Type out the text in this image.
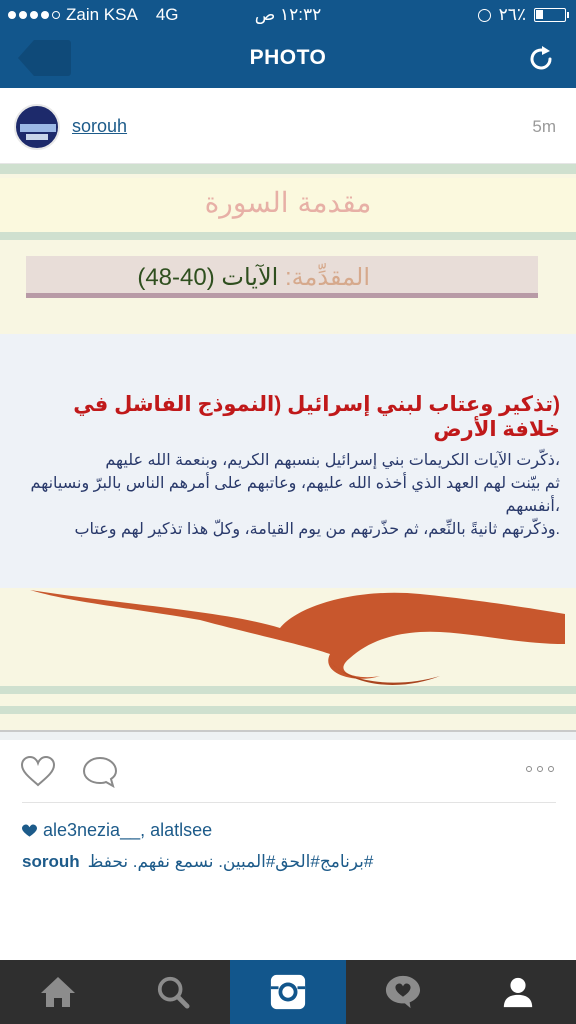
Zain KSA 4G	١٢:٣٢ ص	٢٦٪
PHOTO
sorouh	5m
مقدمة السورة
المقدِّمة: الآيات (40-48)
(تذكير وعتاب لبني إسرائيل (النموذج الفاشل في خلافة الأرض
،ذكّرت الآيات الكريمات بني إسرائيل بنسبهم الكريم، وبنعمة الله عليهم
ثم بيّنت لهم العهد الذي أخذه الله عليهم، وعاتبهم على أمرهم الناس بالبرّ ونسيانهم
،أنفسهم
.وذكّرتهم ثانيةً بالنِّعم، ثم حذّرتهم من يوم القيامة، وكلّ هذا تذكير لهم وعتاب
ale3nezia__, alatlsee
sorouh #برنامج#الحق#المبين. نسمع نفهم. نحفظ
